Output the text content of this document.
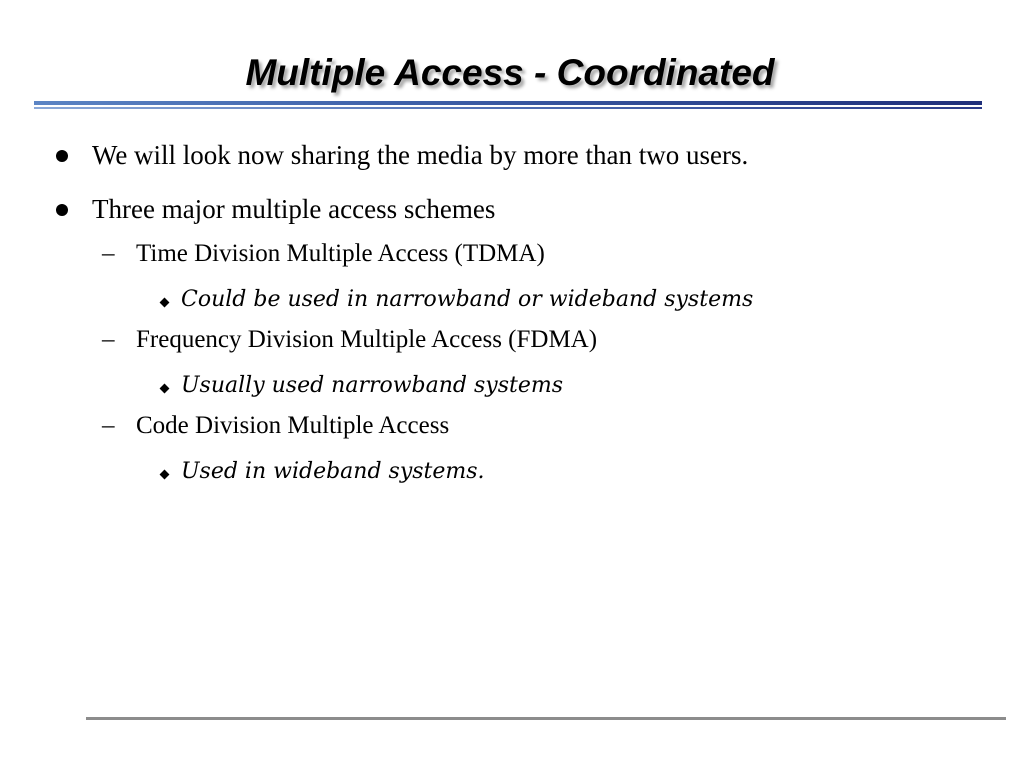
Multiple Access - Coordinated
We will look now sharing the media by more than two users.
Three major multiple access schemes
– Time Division Multiple Access (TDMA)
Could be used in narrowband or wideband systems
– Frequency Division Multiple Access (FDMA)
Usually used narrowband systems
– Code Division Multiple Access
Used in wideband systems.
